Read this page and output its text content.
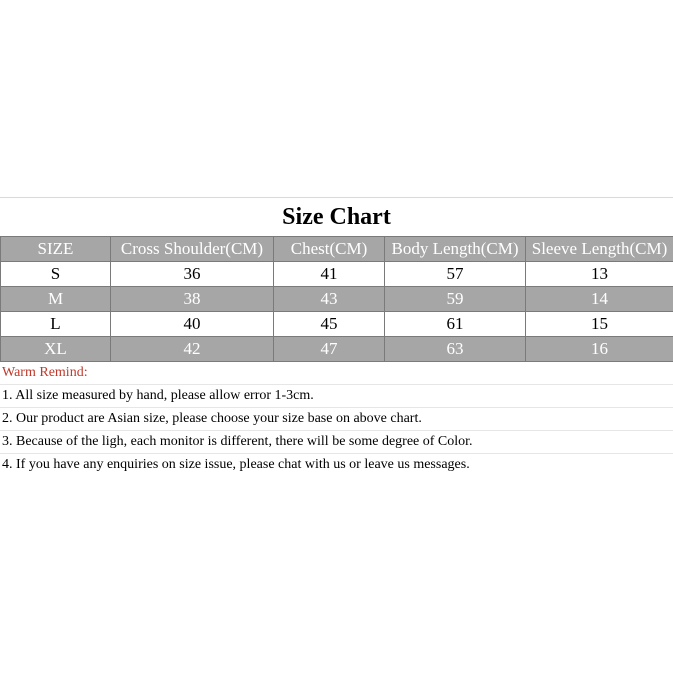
Size Chart
SIZE	Cross Shoulder(CM)	Chest(CM)	Body Length(CM)	Sleeve Length(CM)
S	36	41	57	13
M	38	43	59	14
L	40	45	61	15
XL	42	47	63	16
Warm Remind:
1. All size measured by hand, please allow error 1-3cm.
2. Our product are Asian size, please choose your size base on above chart.
3. Because of the ligh, each monitor is different, there will be some degree of Color.
4. If you have any enquiries on size issue, please chat with us or leave us messages.
